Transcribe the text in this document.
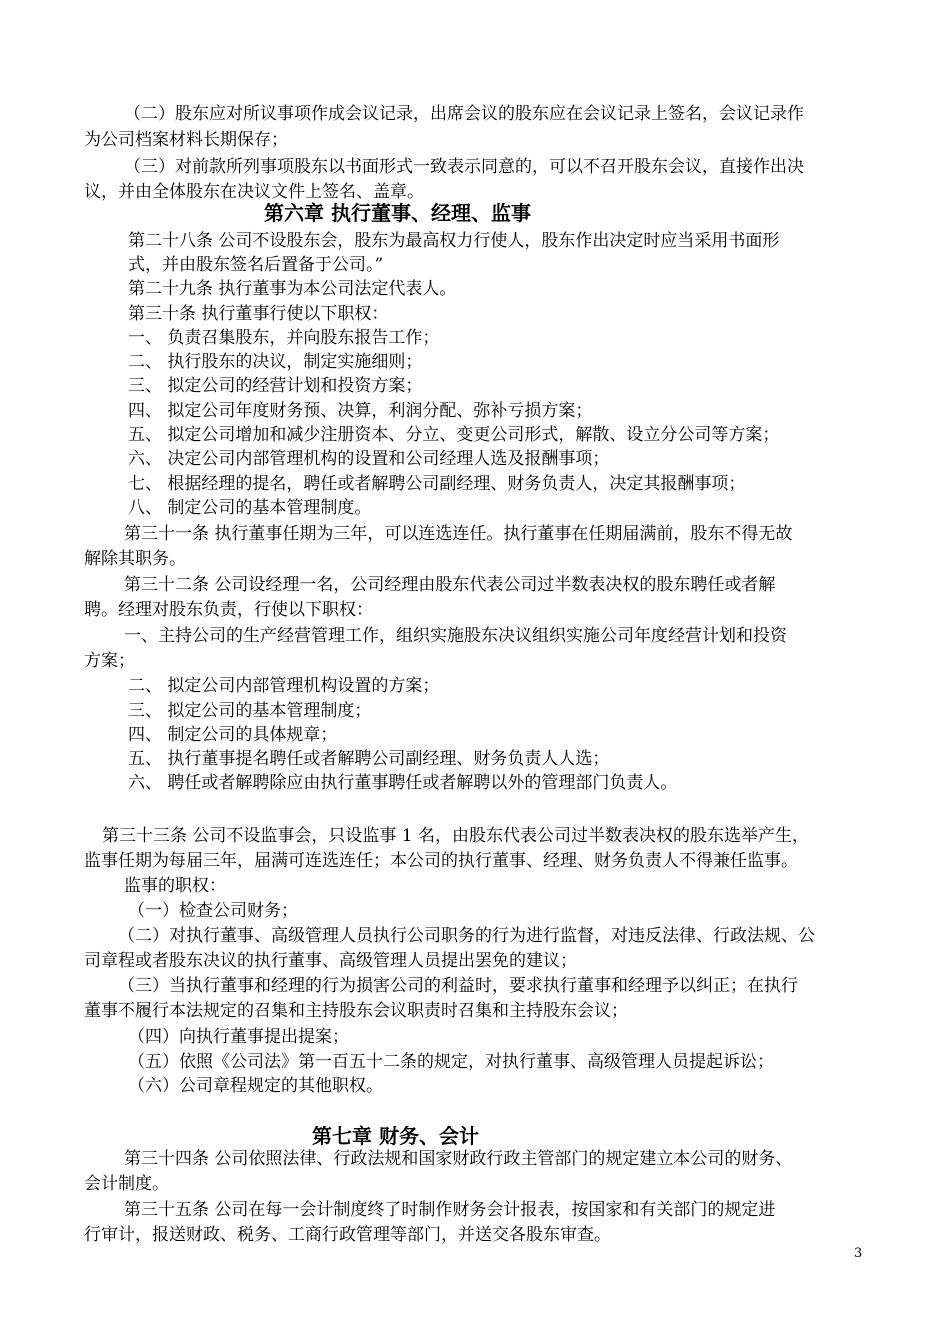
（二）股东应对所议事项作成会议记录，出席会议的股东应在会议记录上签名，会议记录作
为公司档案材料长期保存；
（三）对前款所列事项股东以书面形式一致表示同意的，可以不召开股东会议，直接作出决
议，并由全体股东在决议文件上签名、盖章。
第六章 执行董事、经理、监事
第二十八条 公司不设股东会，股东为最高权力行使人，股东作出决定时应当采用书面形
式，并由股东签名后置备于公司。”
第二十九条 执行董事为本公司法定代表人。
第三十条 执行董事行使以下职权：
一、 负责召集股东，并向股东报告工作；
二、 执行股东的决议，制定实施细则；
三、 拟定公司的经营计划和投资方案；
四、 拟定公司年度财务预、决算，利润分配、弥补亏损方案；
五、 拟定公司增加和减少注册资本、分立、变更公司形式，解散、设立分公司等方案；
六、 决定公司内部管理机构的设置和公司经理人选及报酬事项；
七、 根据经理的提名，聘任或者解聘公司副经理、财务负责人，决定其报酬事项；
八、 制定公司的基本管理制度。
第三十一条 执行董事任期为三年，可以连选连任。执行董事在任期届满前，股东不得无故
解除其职务。
第三十二条 公司设经理一名，公司经理由股东代表公司过半数表决权的股东聘任或者解
聘。经理对股东负责，行使以下职权：
一、主持公司的生产经营管理工作，组织实施股东决议组织实施公司年度经营计划和投资
方案；
二、 拟定公司内部管理机构设置的方案；
三、 拟定公司的基本管理制度；
四、 制定公司的具体规章；
五、 执行董事提名聘任或者解聘公司副经理、财务负责人人选；
六、 聘任或者解聘除应由执行董事聘任或者解聘以外的管理部门负责人。
第三十三条 公司不设监事会，只设监事 1 名，由股东代表公司过半数表决权的股东选举产生，
监事任期为每届三年，届满可连选连任；本公司的执行董事、经理、财务负责人不得兼任监事。
监事的职权：
（一）检查公司财务；
（二）对执行董事、高级管理人员执行公司职务的行为进行监督，对违反法律、行政法规、公
司章程或者股东决议的执行董事、高级管理人员提出罢免的建议；
（三）当执行董事和经理的行为损害公司的利益时，要求执行董事和经理予以纠正；在执行
董事不履行本法规定的召集和主持股东会议职责时召集和主持股东会议；
（四）向执行董事提出提案；
（五）依照《公司法》第一百五十二条的规定，对执行董事、高级管理人员提起诉讼；
（六）公司章程规定的其他职权。
第七章 财务、会计
第三十四条 公司依照法律、行政法规和国家财政行政主管部门的规定建立本公司的财务、
会计制度。
第三十五条 公司在每一会计制度终了时制作财务会计报表，按国家和有关部门的规定进
行审计，报送财政、税务、工商行政管理等部门，并送交各股东审查。
3
